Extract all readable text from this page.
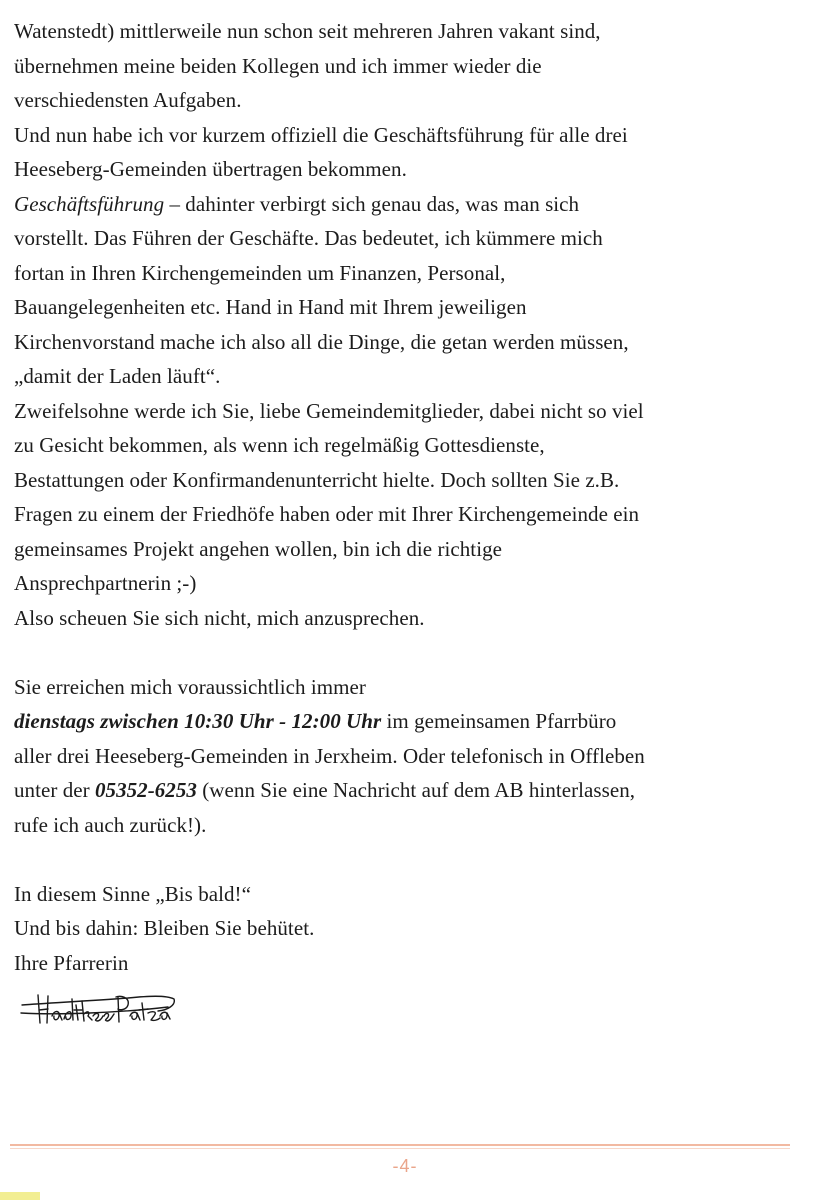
Watenstedt) mittlerweile nun schon seit mehreren Jahren vakant sind,
übernehmen meine beiden Kollegen und ich immer wieder die
verschiedensten Aufgaben.
Und nun habe ich vor kurzem offiziell die Geschäftsführung für alle drei
Heeseberg-Gemeinden übertragen bekommen.
Geschäftsführung – dahinter verbirgt sich genau das, was man sich
vorstellt. Das Führen der Geschäfte. Das bedeutet, ich kümmere mich
fortan in Ihren Kirchengemeinden um Finanzen, Personal,
Bauangelegenheiten etc. Hand in Hand mit Ihrem jeweiligen
Kirchenvorstand mache ich also all die Dinge, die getan werden müssen,
„damit der Laden läuft“.
Zweifelsohne werde ich Sie, liebe Gemeindemitglieder, dabei nicht so viel
zu Gesicht bekommen, als wenn ich regelmäßig Gottesdienste,
Bestattungen oder Konfirmandenunterricht hielte. Doch sollten Sie z.B.
Fragen zu einem der Friedhöfe haben oder mit Ihrer Kirchengemeinde ein
gemeinsames Projekt angehen wollen, bin ich die richtige
Ansprechpartnerin ;-)
Also scheuen Sie sich nicht, mich anzusprechen.
Sie erreichen mich voraussichtlich immer
dienstags zwischen 10:30 Uhr - 12:00 Uhr im gemeinsamen Pfarrbüro
aller drei Heeseberg-Gemeinden in Jerxheim. Oder telefonisch in Offleben
unter der 05352-6253 (wenn Sie eine Nachricht auf dem AB hinterlassen,
rufe ich auch zurück!).
In diesem Sinne „Bis bald!“
Und bis dahin: Bleiben Sie behütet.
Ihre Pfarrerin
Hedtke-Patza
-4-
